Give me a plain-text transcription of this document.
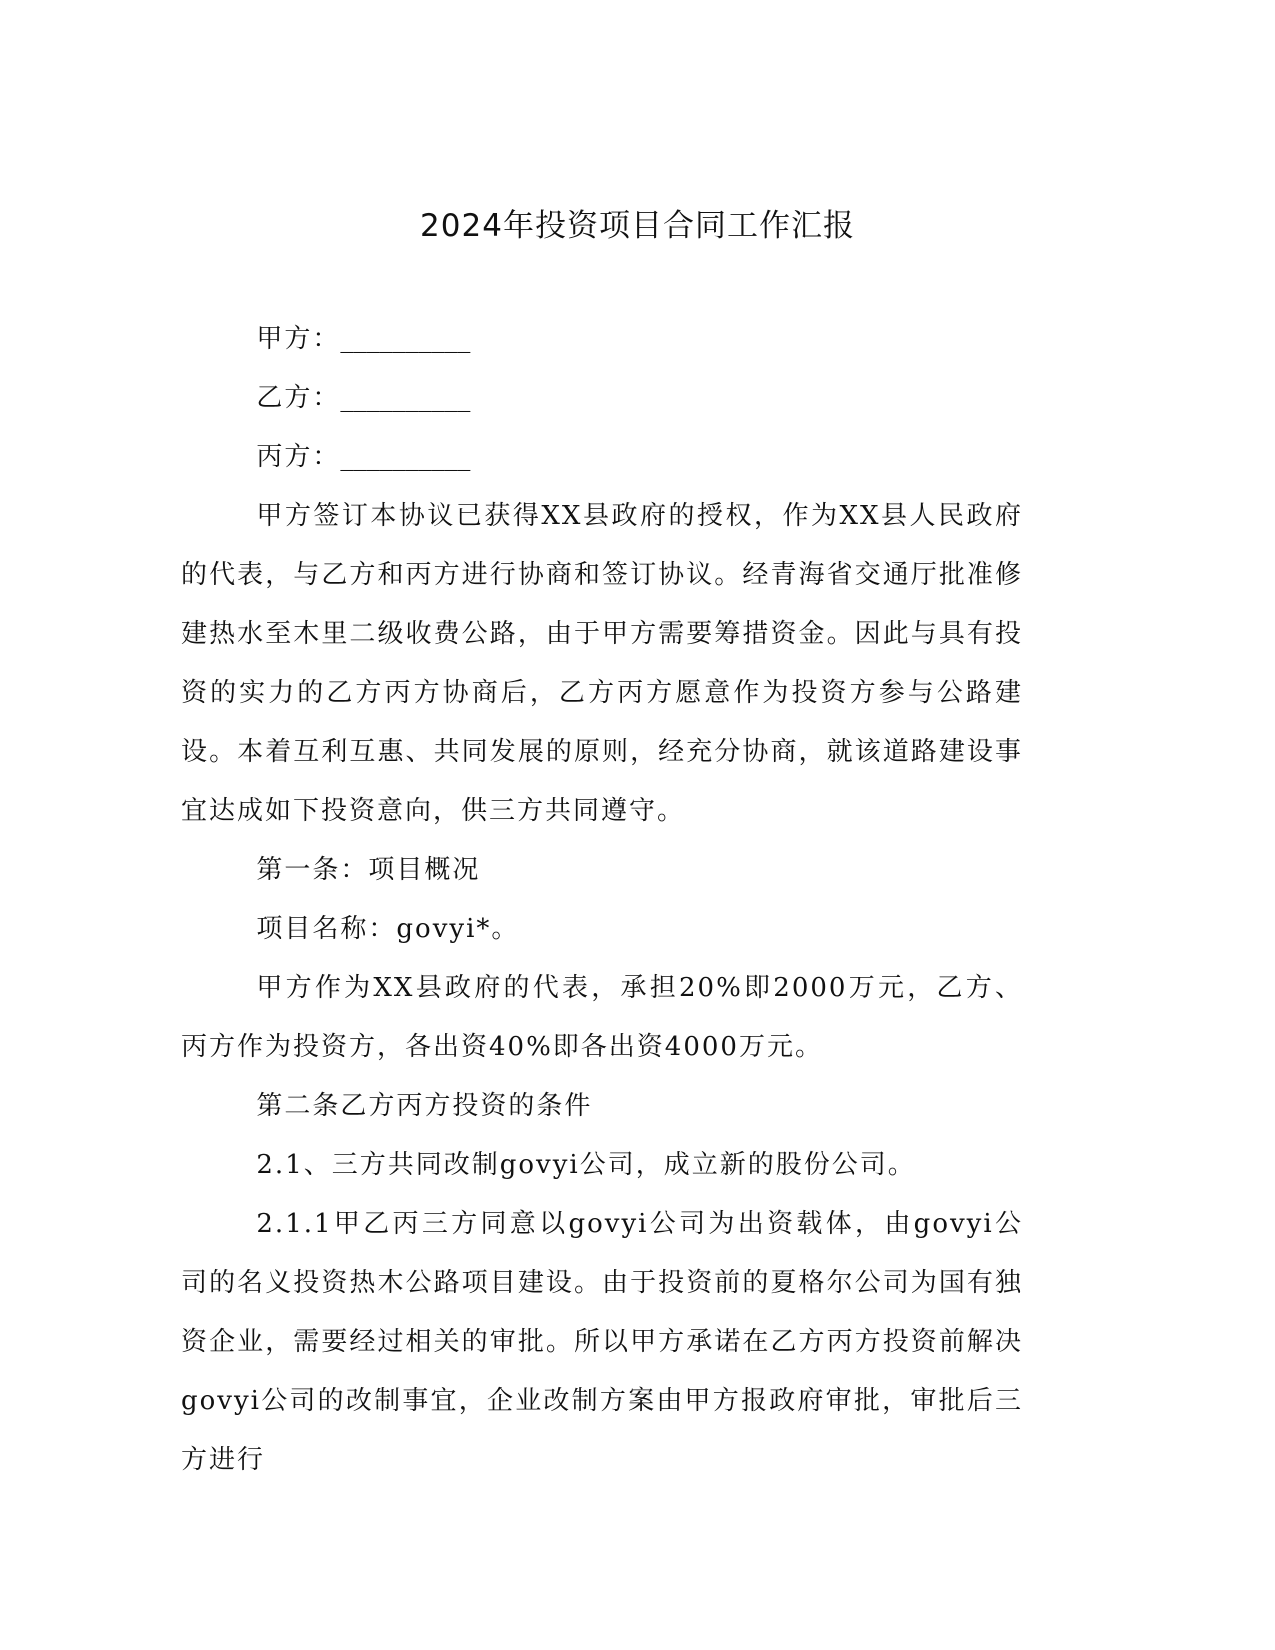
2024年投资项目合同工作汇报

甲方：__________

乙方：__________

丙方：__________

甲方签订本协议已获得XX县政府的授权，作为XX县人民政府的代表，与乙方和丙方进行协商和签订协议。经青海省交通厅批准修建热水至木里二级收费公路，由于甲方需要筹措资金。因此与具有投资的实力的乙方丙方协商后，乙方丙方愿意作为投资方参与公路建设。本着互利互惠、共同发展的原则，经充分协商，就该道路建设事宜达成如下投资意向，供三方共同遵守。

第一条：项目概况

项目名称：govyi*。

甲方作为XX县政府的代表，承担20%即2000万元，乙方、丙方作为投资方，各出资40%即各出资4000万元。

第二条乙方丙方投资的条件

2.1、三方共同改制govyi公司，成立新的股份公司。

2.1.1甲乙丙三方同意以govyi公司为出资载体，由govyi公司的名义投资热木公路项目建设。由于投资前的夏格尔公司为国有独资企业，需要经过相关的审批。所以甲方承诺在乙方丙方投资前解决govyi公司的改制事宜，企业改制方案由甲方报政府审批，审批后三方进行
